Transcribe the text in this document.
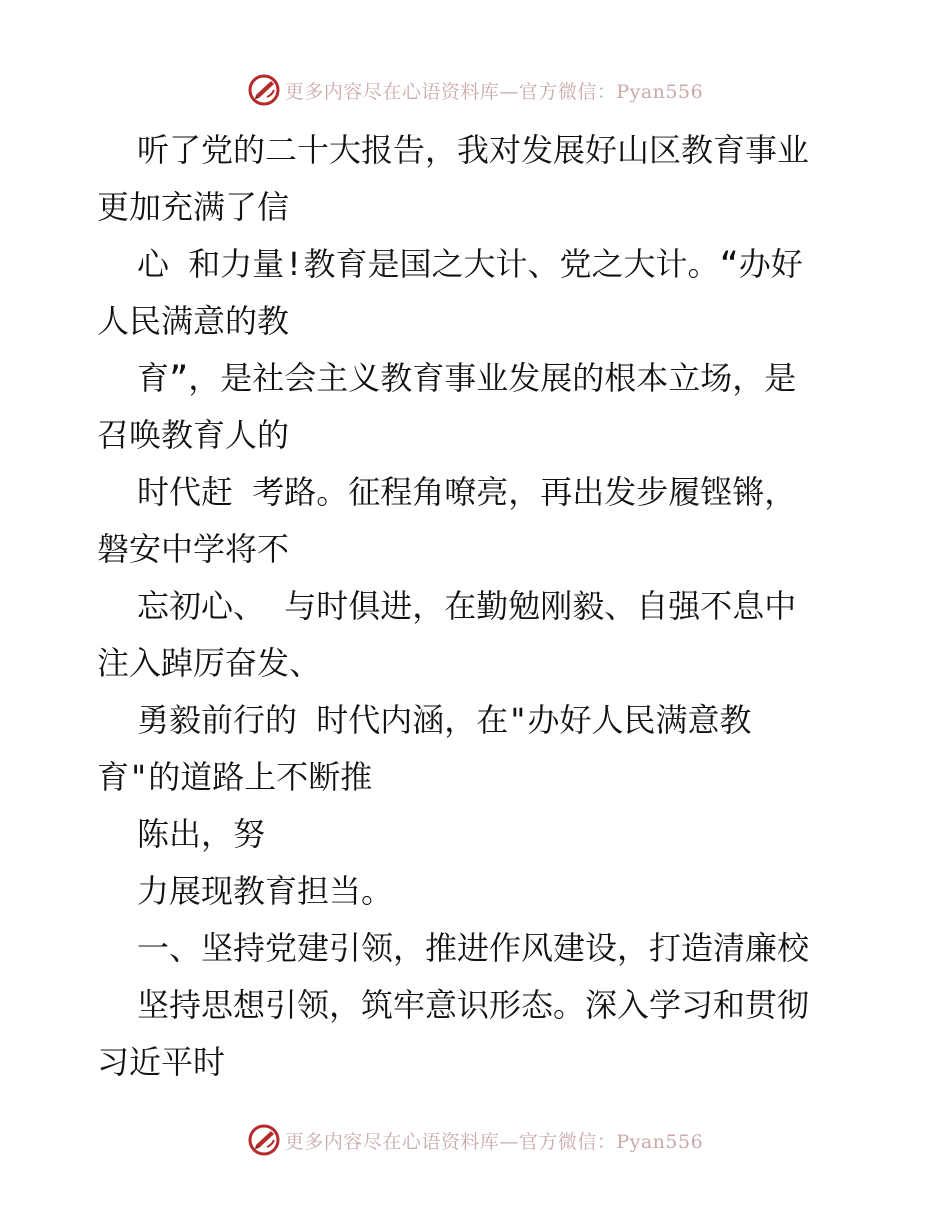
更多内容尽在心语资料库—官方微信：Pyan556
听了党的二十大报告，我对发展好山区教育事业
更加充满了信
心 和力量!教育是国之大计、党之大计。“办好
人民满意的教
育”，是社会主义教育事业发展的根本立场，是
召唤教育人的
时代赶 考路。征程角嘹亮，再出发步履铿锵，
磐安中学将不
忘初心、 与时俱进，在勤勉刚毅、自强不息中
注入踔厉奋发、
勇毅前行的 时代内涵，在"办好人民满意教
育"的道路上不断推
陈出，努
力展现教育担当。
一、坚持党建引领，推进作风建设，打造清廉校
坚持思想引领，筑牢意识形态。深入学习和贯彻
习近平时
更多内容尽在心语资料库—官方微信：Pyan556
